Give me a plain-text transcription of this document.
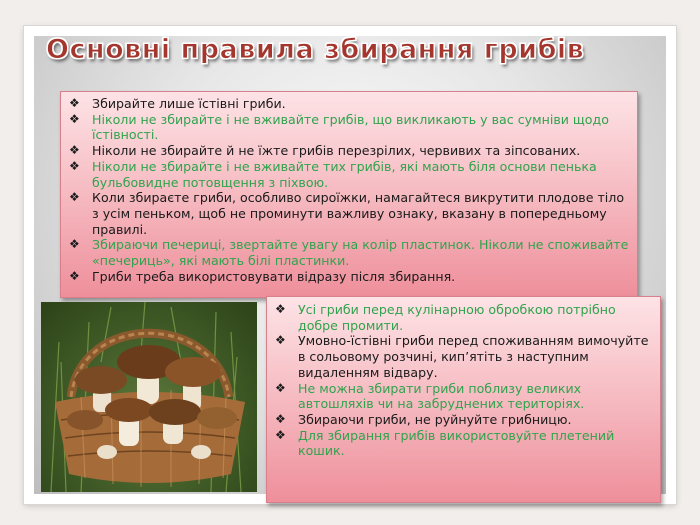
Основні правила збирання грибів
❖ Збирайте лише їстівні гриби.
❖ Ніколи не збирайте і не вживайте грибів, що викликають у вас сумніви щодо їстівності.
❖ Ніколи не збирайте й не їжте грибів перезрілих, червивих та зіпсованих.
❖ Ніколи не збирайте і не вживайте тих грибів, які мають біля основи пенька бульбовидне потовщення з піхвою.
❖ Коли збираєте гриби, особливо сироїжки, намагайтеся викрутити плодове тіло з усім пеньком, щоб не проминути важливу ознаку, вказану в попередньому правилі.
❖ Збираючи печериці, звертайте увагу на колір пластинок. Ніколи не споживайте «печериць», які мають білі пластинки.
❖ Гриби треба використовувати відразу після збирання.
❖ Усі гриби перед кулінарною обробкою потрібно добре промити.
❖ Умовно-їстівні гриби перед споживанням вимочуйте в сольовому розчині, кип’ятіть з наступним видаленням відвару.
❖ Не можна збирати гриби поблизу великих автошляхів чи на забруднених територіях.
❖ Збираючи гриби, не руйнуйте грибницю.
❖ Для збирання грибів використовуйте плетений кошик.
